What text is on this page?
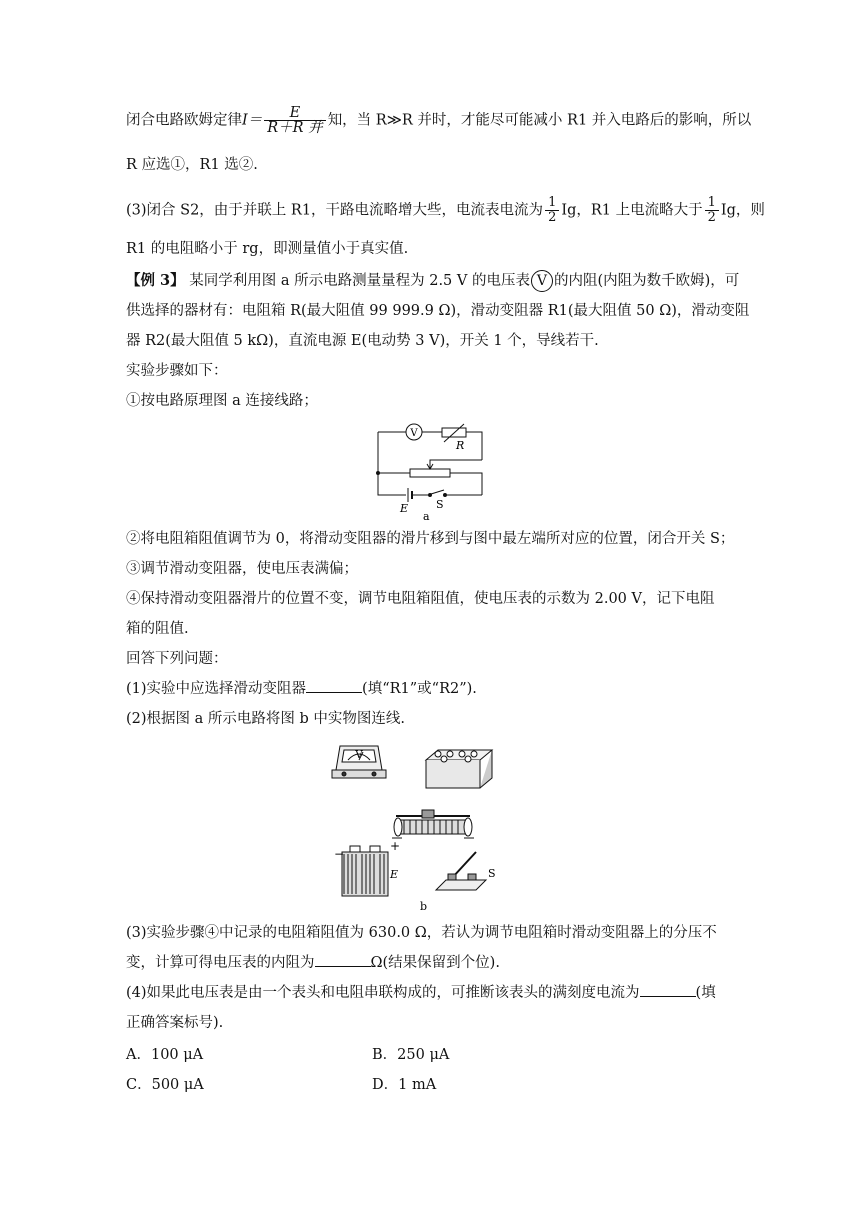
闭合电路欧姆定律$I= \frac{E}{\text{R＋R 并}}$ 知，当 R≫R 并时，才能尽可能减小 R1 并入电路后的影响，所以
R 应选①，R1 选②.
(3)闭合 S2，由于并联上 R1，干路电流略增大些，电流表电流为 $\frac{1}{2}$ Ig，R1 上电流略大于 $\frac{1}{2}$ Ig，则
R1 的电阻略小于 rg，即测量值小于真实值.
【例 3】 某同学利用图 a 所示电路测量量程为 2.5 V 的电压表 V 的内阻(内阻为数千欧姆)，可
供选择的器材有：电阻箱 R(最大阻值 99 999.9 Ω)，滑动变阻器 R1(最大阻值 50 Ω)，滑动变阻
器 R2(最大阻值 5 kΩ)，直流电源 E(电动势 3 V)，开关 1 个，导线若干.
实验步骤如下：
①按电路原理图 a 连接线路；
V
R
E	S
a
②将电阻箱阻值调节为 0，将滑动变阻器的滑片移到与图中最左端所对应的位置，闭合开关 S；
③调节滑动变阻器，使电压表满偏；
④保持滑动变阻器滑片的位置不变，调节电阻箱阻值，使电压表的示数为 2.00 V，记下电阻
箱的阻值.
回答下列问题：
(1)实验中应选择滑动变阻器	(填“R1”或“R2”).
(2)根据图 a 所示电路将图 b 中实物图连线.
V
−
+
E	S
b
(3)实验步骤④中记录的电阻箱阻值为 630.0 Ω，若认为调节电阻箱时滑动变阻器上的分压不
变，计算可得电压表的内阻为	Ω(结果保留到个位).
(4)如果此电压表是由一个表头和电阻串联构成的，可推断该表头的满刻度电流为	(填
正确答案标号).
A．100 μA	B．250 μA
C．500 μA	D．1 mA
